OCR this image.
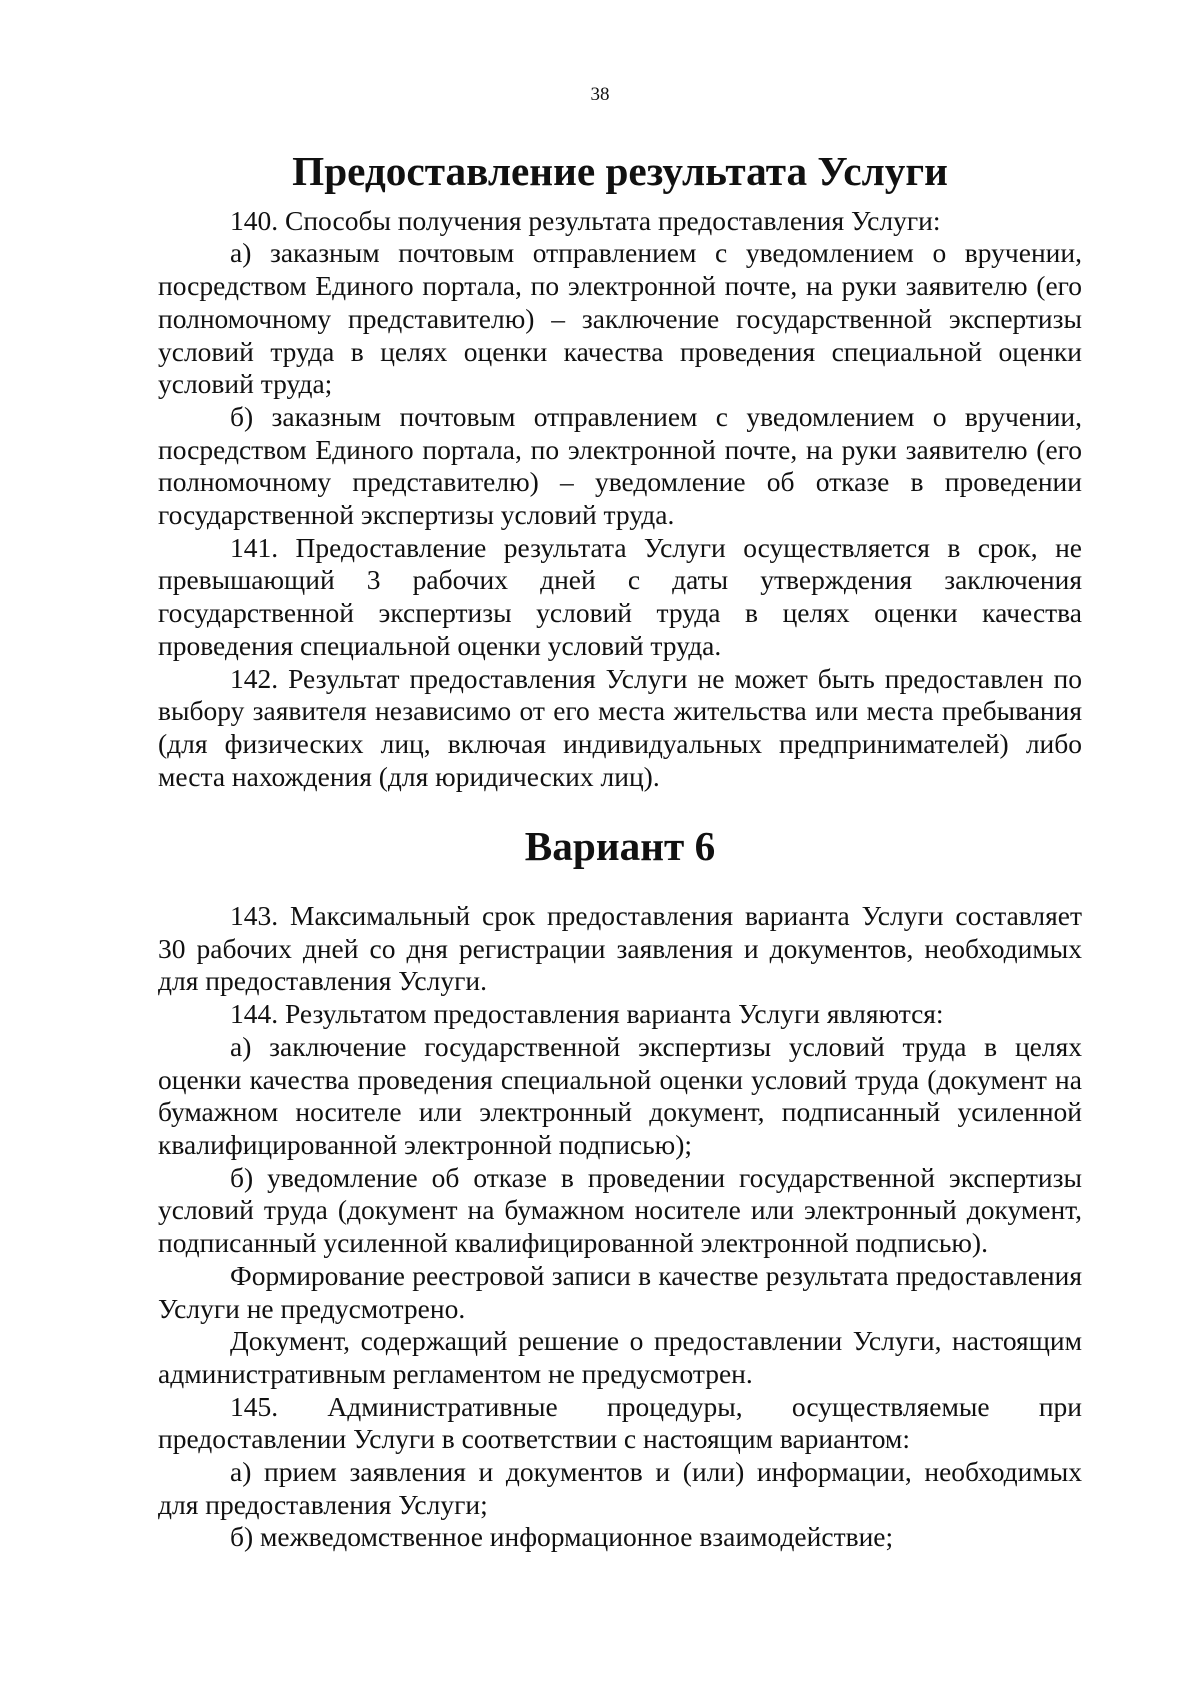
38
Предоставление результата Услуги

140. Способы получения результата предоставления Услуги:

а) заказным почтовым отправлением с уведомлением о вручении, посредством Единого портала, по электронной почте, на руки заявителю (его полномочному представителю) – заключение государственной экспертизы условий труда в целях оценки качества проведения специальной оценки условий труда;

б) заказным почтовым отправлением с уведомлением о вручении, посредством Единого портала, по электронной почте, на руки заявителю (его полномочному представителю) – уведомление об отказе в проведении государственной экспертизы условий труда.

141. Предоставление результата Услуги осуществляется в срок, не превышающий 3 рабочих дней с даты утверждения заключения государственной экспертизы условий труда в целях оценки качества проведения специальной оценки условий труда.

142. Результат предоставления Услуги не может быть предоставлен по выбору заявителя независимо от его места жительства или места пребывания (для физических лиц, включая индивидуальных предпринимателей) либо места нахождения (для юридических лиц).

Вариант 6

143. Максимальный срок предоставления варианта Услуги составляет 30 рабочих дней со дня регистрации заявления и документов, необходимых для предоставления Услуги.

144. Результатом предоставления варианта Услуги являются:

а) заключение государственной экспертизы условий труда в целях оценки качества проведения специальной оценки условий труда (документ на бумажном носителе или электронный документ, подписанный усиленной квалифицированной электронной подписью);

б) уведомление об отказе в проведении государственной экспертизы условий труда (документ на бумажном носителе или электронный документ, подписанный усиленной квалифицированной электронной подписью).

Формирование реестровой записи в качестве результата предоставления Услуги не предусмотрено.

Документ, содержащий решение о предоставлении Услуги, настоящим административным регламентом не предусмотрен.

145. Административные процедуры, осуществляемые при предоставлении Услуги в соответствии с настоящим вариантом:

а) прием заявления и документов и (или) информации, необходимых для предоставления Услуги;

б) межведомственное информационное взаимодействие;
